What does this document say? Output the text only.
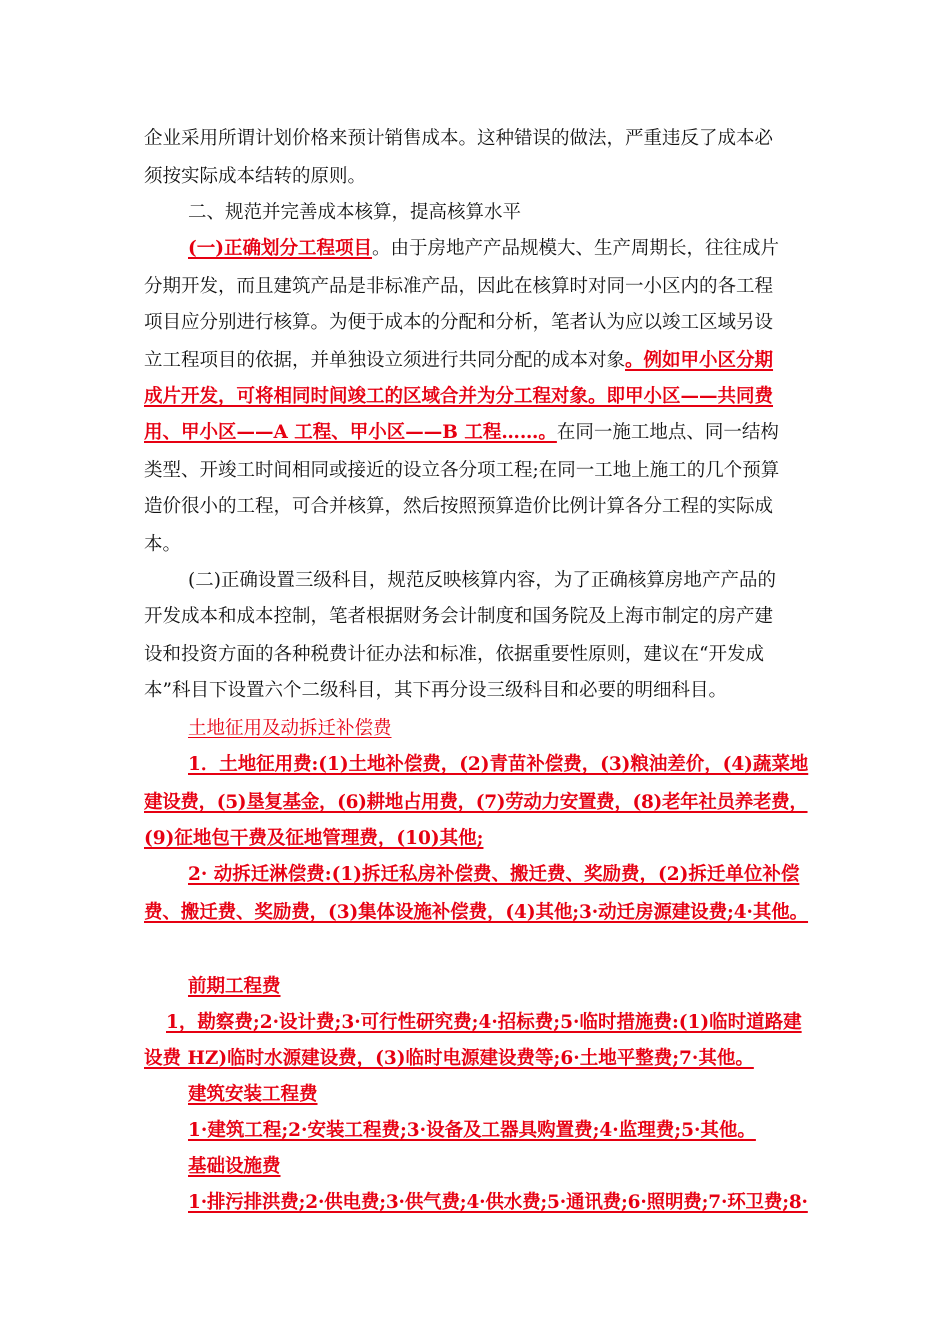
企业采用所谓计划价格来预计销售成本。这种错误的做法，严重违反了成本必
须按实际成本结转的原则。
二、规范并完善成本核算，提高核算水平
(一)正确划分工程项目。由于房地产产品规模大、生产周期长，往往成片
分期开发，而且建筑产品是非标准产品，因此在核算时对同一小区内的各工程
项目应分别进行核算。为便于成本的分配和分析，笔者认为应以竣工区域另设
立工程项目的依据，并单独设立须进行共同分配的成本对象。例如甲小区分期
成片开发，可将相同时间竣工的区域合并为分工程对象。即甲小区——共同费
用、甲小区——A 工程、甲小区——B 工程……。在同一施工地点、同一结构
类型、开竣工时间相同或接近的设立各分项工程;在同一工地上施工的几个预算
造价很小的工程，可合并核算，然后按照预算造价比例计算各分工程的实际成
本。
(二)正确设置三级科目，规范反映核算内容，为了正确核算房地产产品的
开发成本和成本控制，笔者根据财务会计制度和国务院及上海市制定的房产建
设和投资方面的各种税费计征办法和标准，依据重要性原则，建议在“开发成
本”科目下设置六个二级科目，其下再分设三级科目和必要的明细科目。
土地征用及动拆迁补偿费
1．土地征用费:(1)土地补偿费，(2)青苗补偿费，(3)粮油差价，(4)蔬菜地
建设费，(5)垦复基金，(6)耕地占用费，(7)劳动力安置费，(8)老年社员养老费，
(9)征地包干费及征地管理费，(10)其他;
2· 动拆迁淋偿费:(1)拆迁私房补偿费、搬迁费、奖励费，(2)拆迁单位补偿
费、搬迁费、奖励费，(3)集体设施补偿费，(4)其他;3·动迁房源建设费;4·其他。
前期工程费
1，勘察费;2·设计费;3·可行性研究费;4·招标费;5·临时措施费:(1)临时道路建
设费 HZ)临时水源建设费，(3)临时电源建设费等;6·土地平整费;7·其他。
建筑安装工程费
1·建筑工程;2·安装工程费;3·设备及工器具购置费;4·监理费;5·其他。
基础设施费
1·排污排洪费;2·供电费;3·供气费;4·供水费;5·通讯费;6·照明费;7·环卫费;8·
